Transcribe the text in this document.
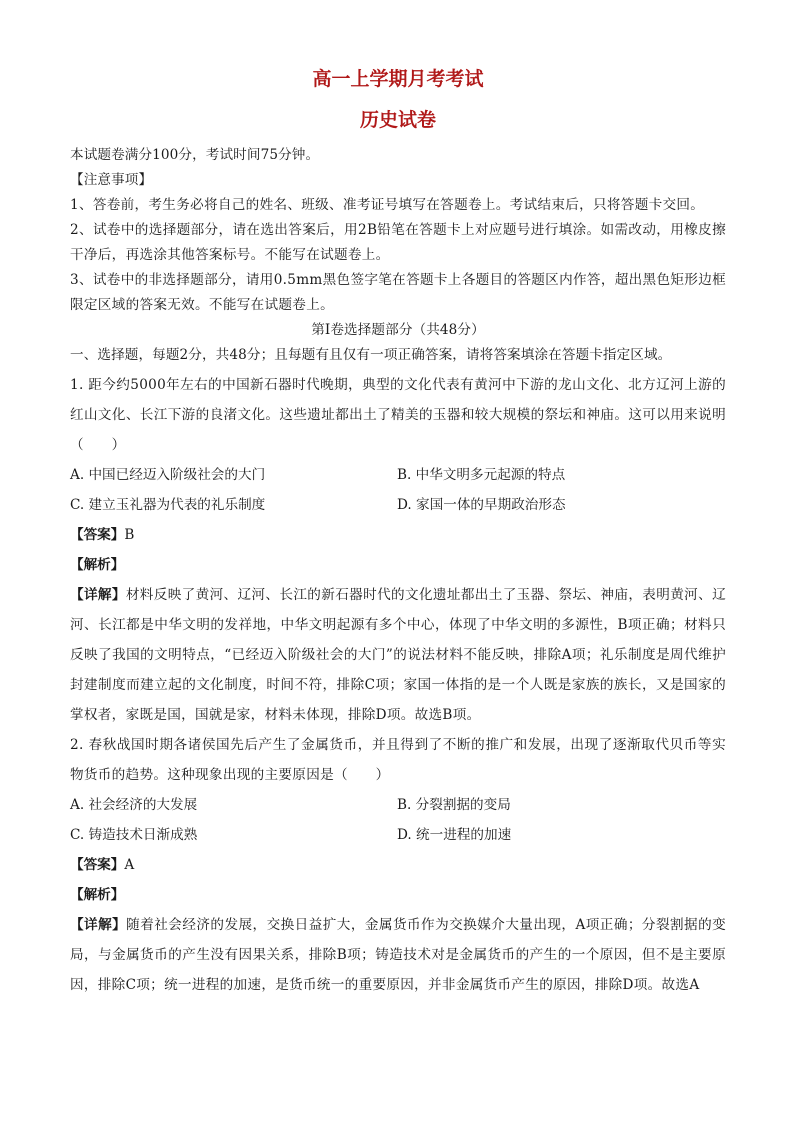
高一上学期月考考试

历史试卷

本试题卷满分100分，考试时间75分钟。

【注意事项】

1、答卷前，考生务必将自己的姓名、班级、准考证号填写在答题卷上。考试结束后，只将答题卡交回。

2、试卷中的选择题部分，请在选出答案后，用2B铅笔在答题卡上对应题号进行填涂。如需改动，用橡皮擦干净后，再选涂其他答案标号。不能写在试题卷上。

3、试卷中的非选择题部分，请用0.5mm黑色签字笔在答题卡上各题目的答题区内作答，超出黑色矩形边框限定区域的答案无效。不能写在试题卷上。

第Ⅰ卷选择题部分（共48分）

一、选择题，每题2分，共48分；且每题有且仅有一项正确答案，请将答案填涂在答题卡指定区域。

1. 距今约5000年左右的中国新石器时代晚期，典型的文化代表有黄河中下游的龙山文化、北方辽河上游的红山文化、长江下游的良渚文化。这些遗址都出土了精美的玉器和较大规模的祭坛和神庙。这可以用来说明（　　）

A. 中国已经迈入阶级社会的大门	B. 中华文明多元起源的特点
C. 建立玉礼器为代表的礼乐制度	D. 家国一体的早期政治形态

【答案】B

【解析】

【详解】材料反映了黄河、辽河、长江的新石器时代的文化遗址都出土了玉器、祭坛、神庙，表明黄河、辽河、长江都是中华文明的发祥地，中华文明起源有多个中心，体现了中华文明的多源性，B项正确；材料只反映了我国的文明特点，“已经迈入阶级社会的大门”的说法材料不能反映，排除A项；礼乐制度是周代维护封建制度而建立起的文化制度，时间不符，排除C项；家国一体指的是一个人既是家族的族长，又是国家的掌权者，家既是国，国就是家，材料未体现，排除D项。故选B项。

2. 春秋战国时期各诸侯国先后产生了金属货币，并且得到了不断的推广和发展，出现了逐渐取代贝币等实物货币的趋势。这种现象出现的主要原因是（　　）

A. 社会经济的大发展	B. 分裂割据的变局
C. 铸造技术日渐成熟	D. 统一进程的加速

【答案】A

【解析】

【详解】随着社会经济的发展，交换日益扩大，金属货币作为交换媒介大量出现，A项正确；分裂割据的变局，与金属货币的产生没有因果关系，排除B项；铸造技术对是金属货币的产生的一个原因，但不是主要原因，排除C项；统一进程的加速，是货币统一的重要原因，并非金属货币产生的原因，排除D项。故选A
